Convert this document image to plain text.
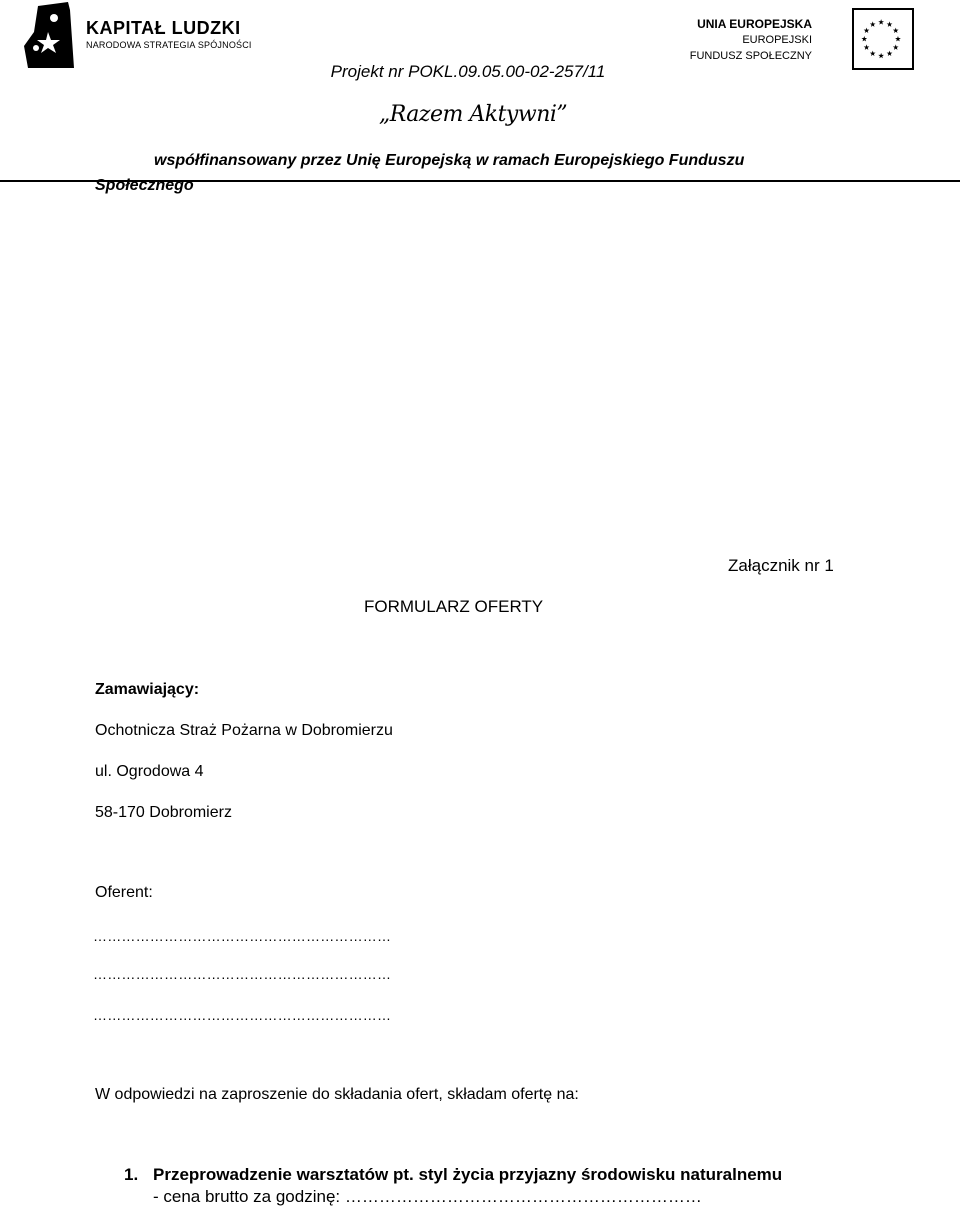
KAPITAŁ LUDZKI
NARODOWA STRATEGIA SPÓJNOŚCI
UNIA EUROPEJSKA
EUROPEJSKI
FUNDUSZ SPOŁECZNY
Projekt nr POKL.09.05.00-02-257/11
„Razem Aktywni”
współfinansowany przez Unię Europejską w ramach Europejskiego Funduszu
Społecznego
Załącznik nr 1
FORMULARZ OFERTY
Zamawiający:
Ochotnicza Straż Pożarna w Dobromierzu
ul. Ogrodowa 4
58-170 Dobromierz
Oferent:
………………………………………………………
………………………………………………………
………………………………………………………
W odpowiedzi na zaproszenie do składania ofert, składam ofertę na:
1. Przeprowadzenie warsztatów pt. styl życia przyjazny środowisku naturalnemu
- cena brutto za godzinę: ………………………………………………………
